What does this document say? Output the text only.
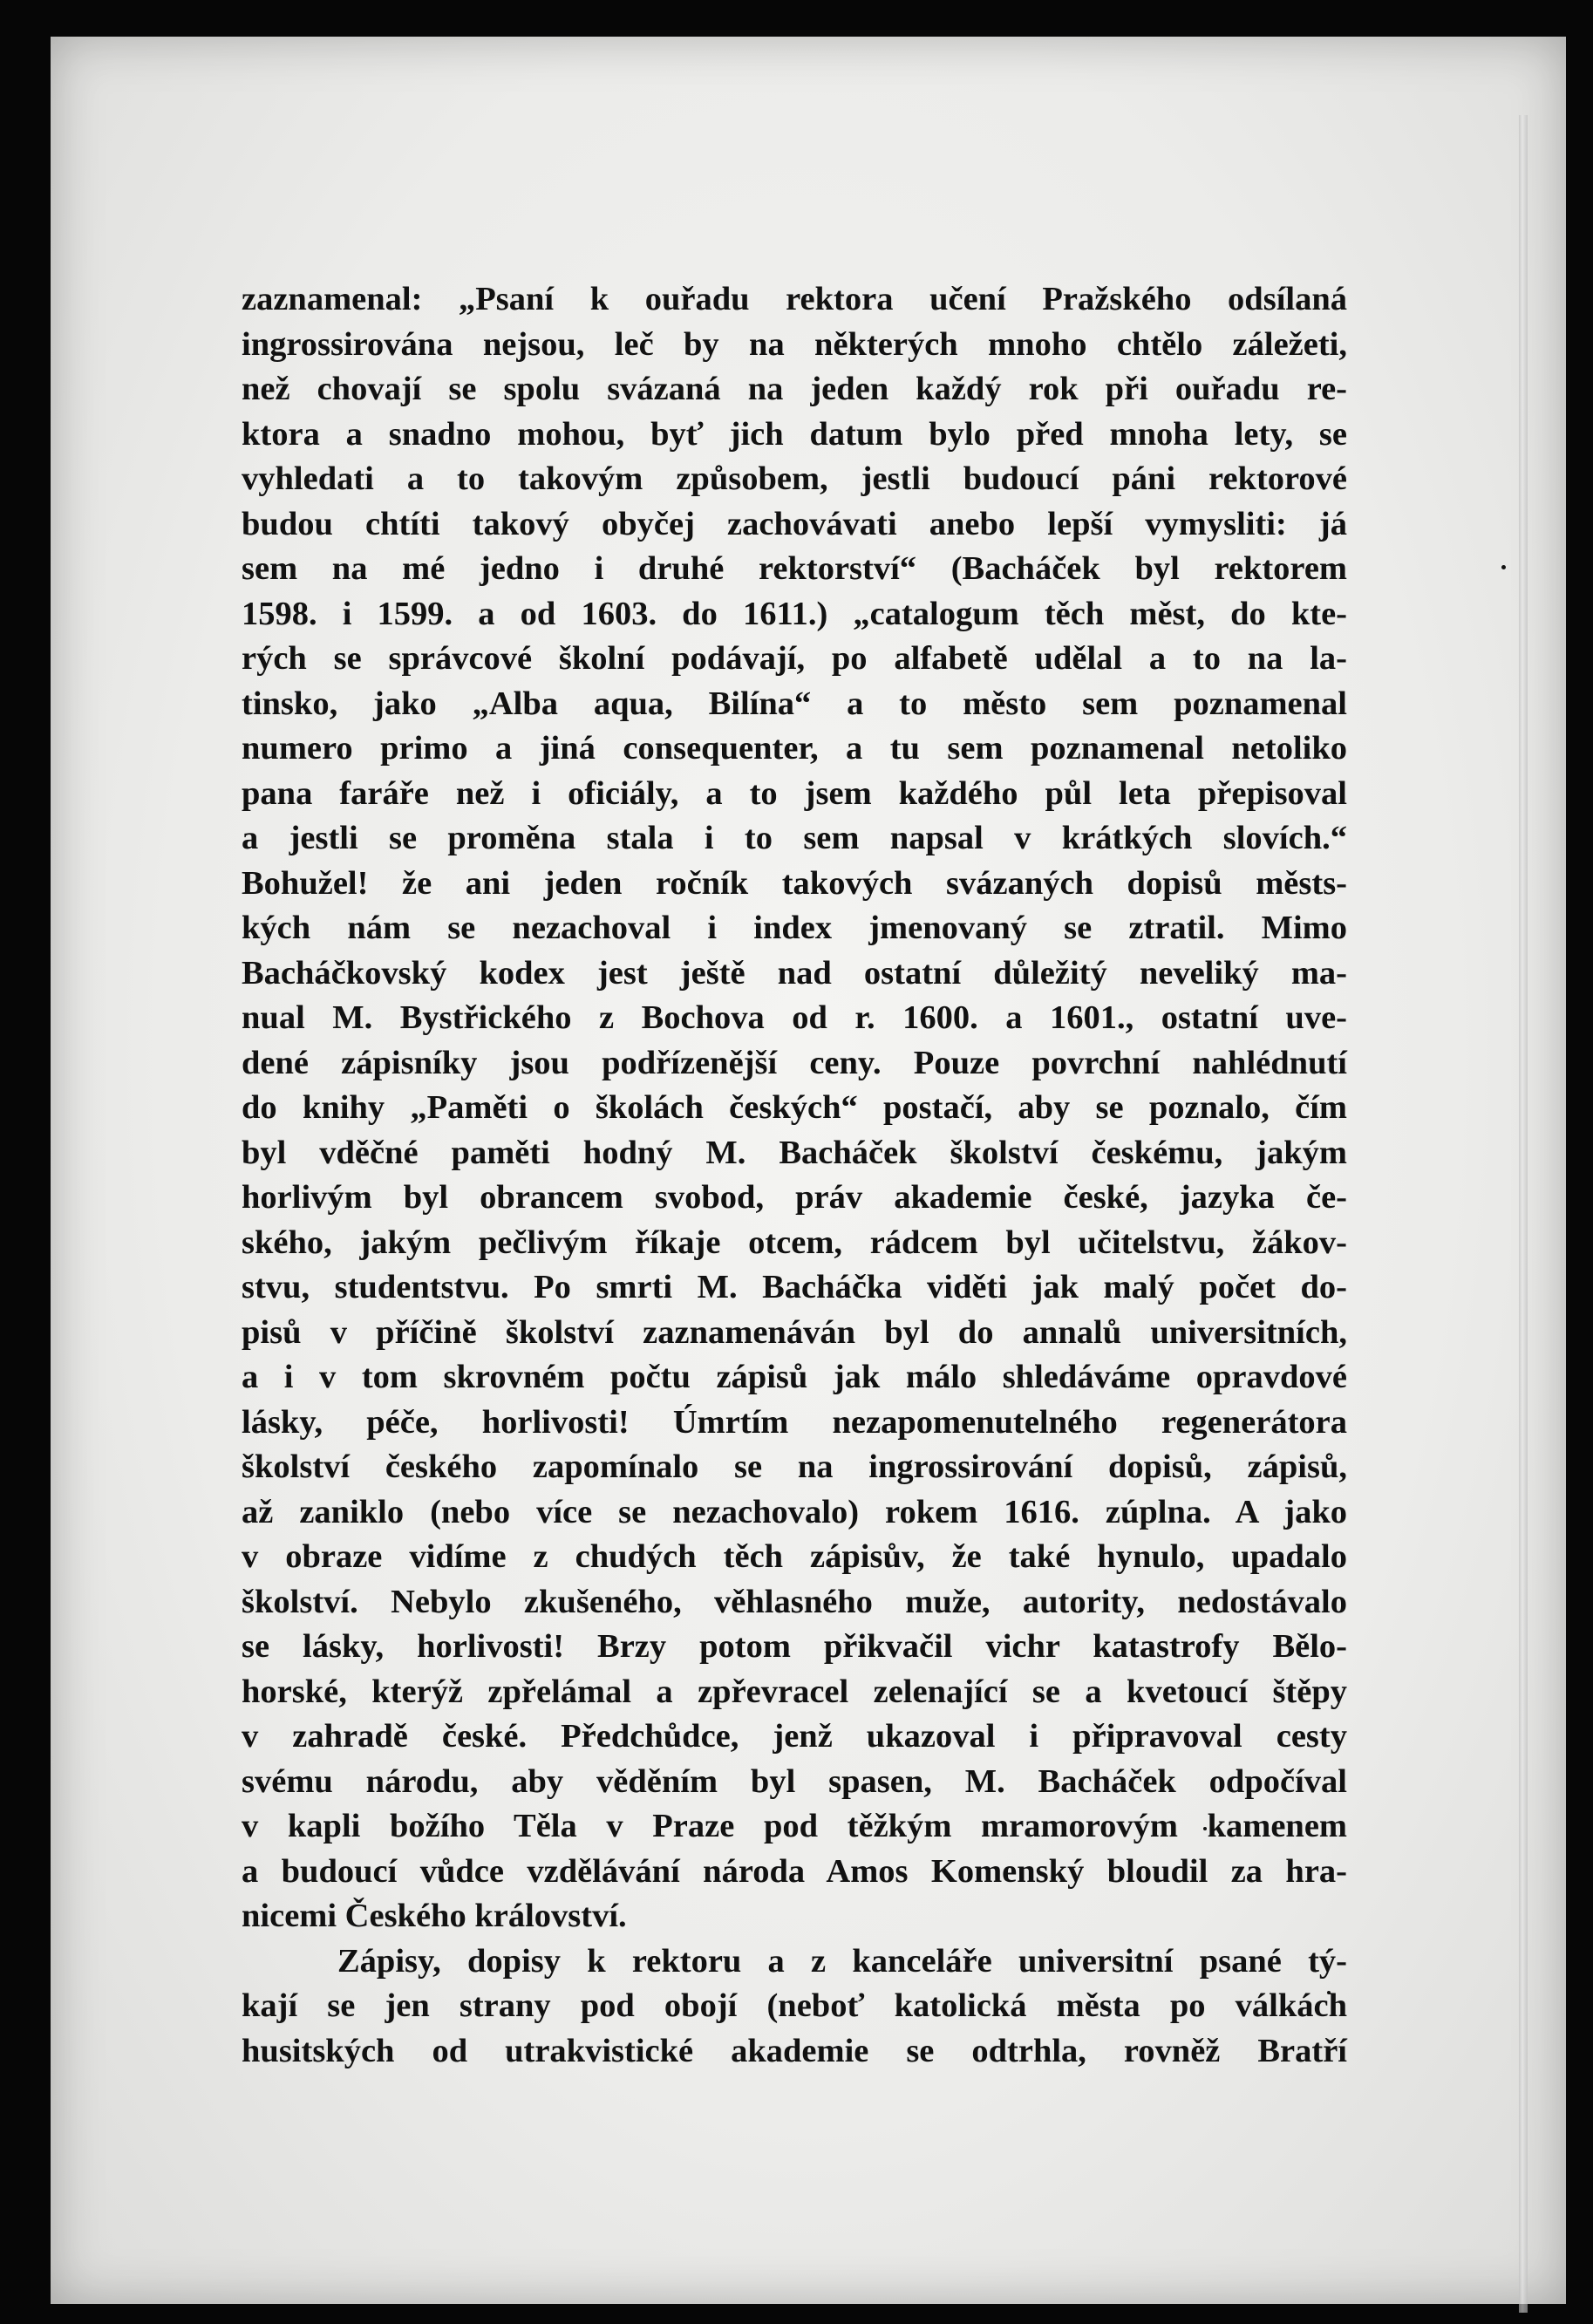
zaznamenal: „Psaní k ouřadu rektora učení Pražského odsílaná
ingrossirována nejsou, leč by na některých mnoho chtělo záležeti,
než chovají se spolu svázaná na jeden každý rok při ouřadu re-
ktora a snadno mohou, byť jich datum bylo před mnoha lety, se
vyhledati a to takovým způsobem, jestli budoucí páni rektorové
budou chtíti takový obyčej zachovávati anebo lepší vymysliti: já
sem na mé jedno i druhé rektorství“ (Bacháček byl rektorem
1598. i 1599. a od 1603. do 1611.) „catalogum těch měst, do kte-
rých se správcové školní podávají, po alfabetě udělal a to na la-
tinsko, jako „Alba aqua, Bilína“ a to město sem poznamenal
numero primo a jiná consequenter, a tu sem poznamenal netoliko
pana faráře než i oficiály, a to jsem každého půl leta přepisoval
a jestli se proměna stala i to sem napsal v krátkých slovích.“
Bohužel! že ani jeden ročník takových svázaných dopisů městs-
kých nám se nezachoval i index jmenovaný se ztratil. Mimo
Bacháčkovský kodex jest ještě nad ostatní důležitý neveliký ma-
nual M. Bystřického z Bochova od r. 1600. a 1601., ostatní uve-
dené zápisníky jsou podřízenější ceny. Pouze povrchní nahlédnutí
do knihy „Paměti o školách českých“ postačí, aby se poznalo, čím
byl vděčné paměti hodný M. Bacháček školství českému, jakým
horlivým byl obrancem svobod, práv akademie české, jazyka če-
ského, jakým pečlivým říkaje otcem, rádcem byl učitelstvu, žákov-
stvu, studentstvu. Po smrti M. Bacháčka viděti jak malý počet do-
pisů v příčině školství zaznamenáván byl do annalů universitních,
a i v tom skrovném počtu zápisů jak málo shledáváme opravdové
lásky, péče, horlivosti! Úmrtím nezapomenutelného regenerátora
školství českého zapomínalo se na ingrossirování dopisů, zápisů,
až zaniklo (nebo více se nezachovalo) rokem 1616. zúplna. A jako
v obraze vidíme z chudých těch zápisův, že také hynulo, upadalo
školství. Nebylo zkušeného, věhlasného muže, autority, nedostávalo
se lásky, horlivosti! Brzy potom přikvačil vichr katastrofy Bělo-
horské, kterýž zpřelámal a zpřevracel zelenající se a kvetoucí štěpy
v zahradě české. Předchůdce, jenž ukazoval i připravoval cesty
svému národu, aby věděním byl spasen, M. Bacháček odpočíval
v kapli božího Těla v Praze pod těžkým mramorovým kamenem
a budoucí vůdce vzdělávání národa Amos Komenský bloudil za hra-
nicemi Českého království.
Zápisy, dopisy k rektoru a z kanceláře universitní psané tý-
kají se jen strany pod obojí (neboť katolická města po válkách
husitských od utrakvistické akademie se odtrhla, rovněž Bratří
